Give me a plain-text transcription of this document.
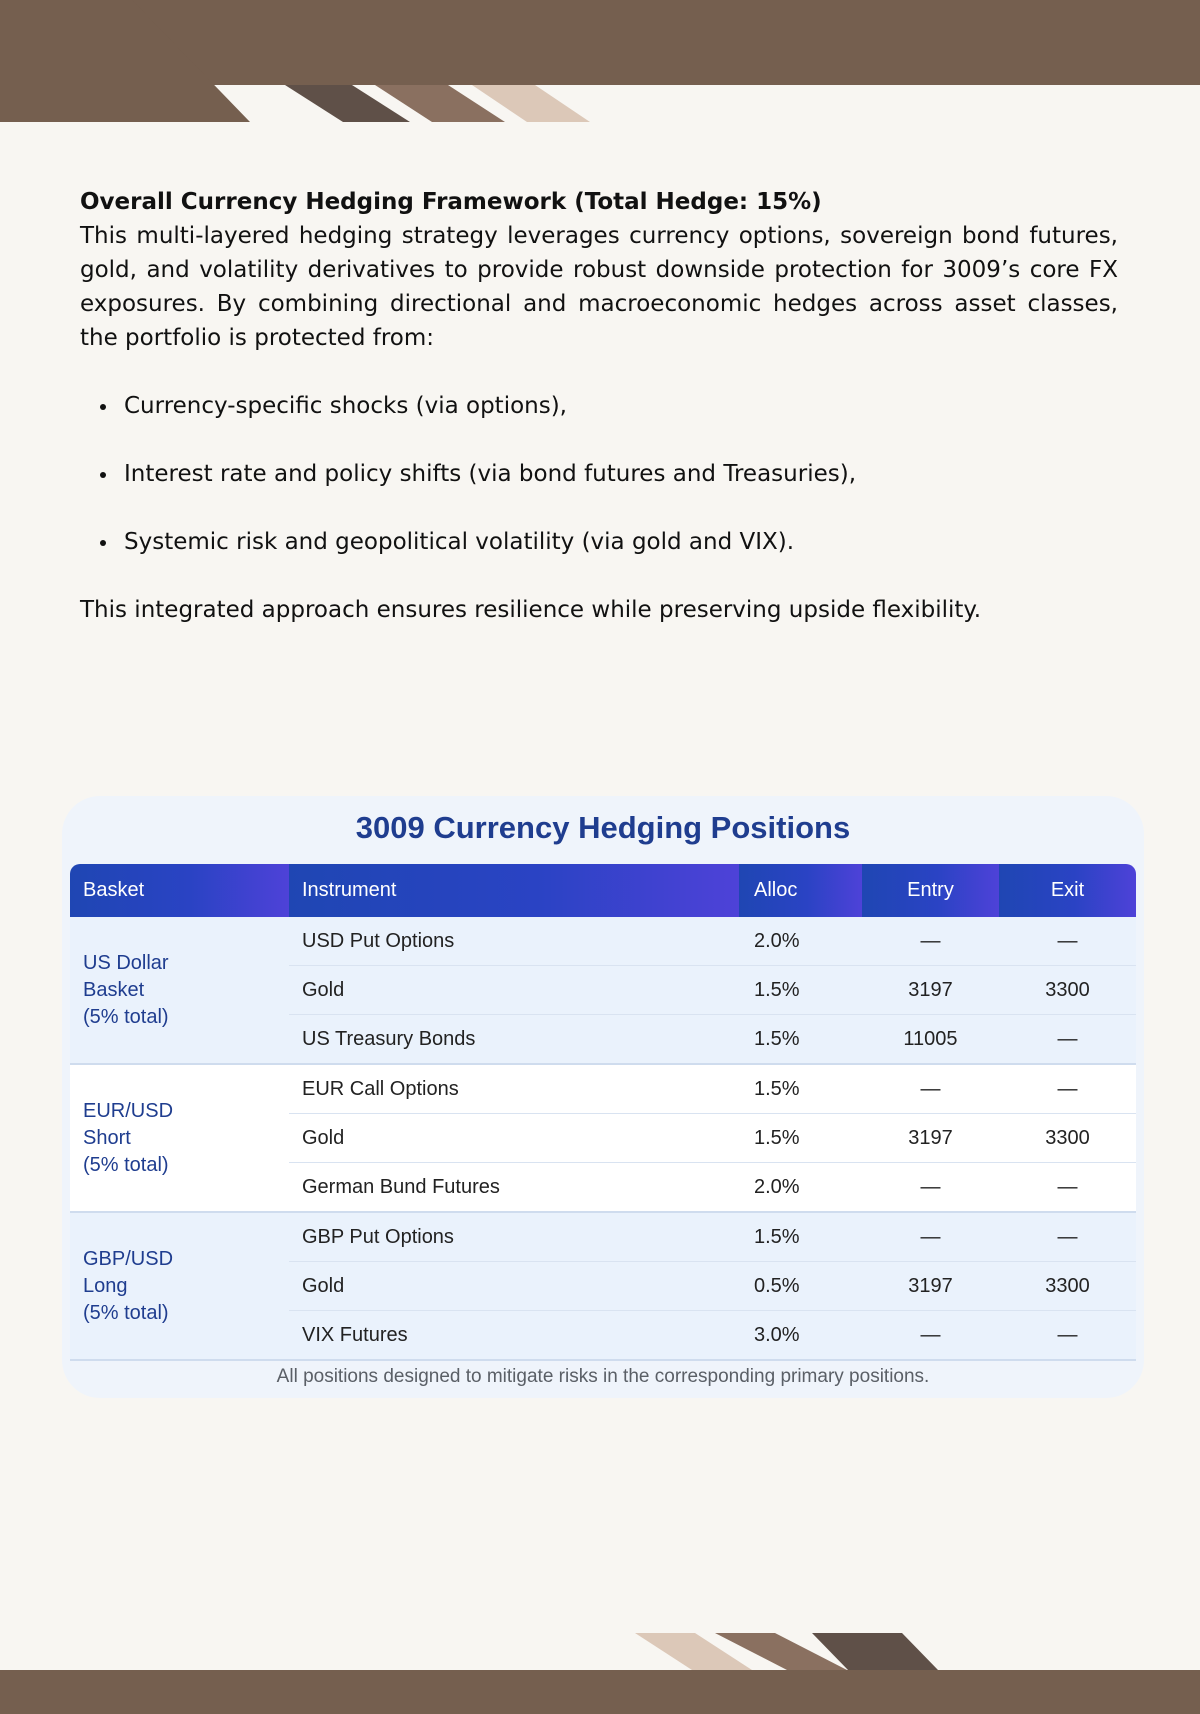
Overall Currency Hedging Framework (Total Hedge: 15%)

This multi-layered hedging strategy leverages currency options, sovereign bond futures, gold, and volatility derivatives to provide robust downside protection for 3009’s core FX exposures. By combining directional and macroeconomic hedges across asset classes, the portfolio is protected from:

Currency-specific shocks (via options),
Interest rate and policy shifts (via bond futures and Treasuries),
Systemic risk and geopolitical volatility (via gold and VIX).

This integrated approach ensures resilience while preserving upside flexibility.

3009 Currency Hedging Positions
Basket	Instrument	Alloc	Entry	Exit
US Dollar
Basket
(5% total)	USD Put Options	2.0%	—	—
	Gold	1.5%	3197	3300
	US Treasury Bonds	1.5%	11005	—
EUR/USD
Short
(5% total)	EUR Call Options	1.5%	—	—
	Gold	1.5%	3197	3300
	German Bund Futures	2.0%	—	—
GBP/USD
Long
(5% total)	GBP Put Options	1.5%	—	—
	Gold	0.5%	3197	3300
	VIX Futures	3.0%	—	—
All positions designed to mitigate risks in the corresponding primary positions.
